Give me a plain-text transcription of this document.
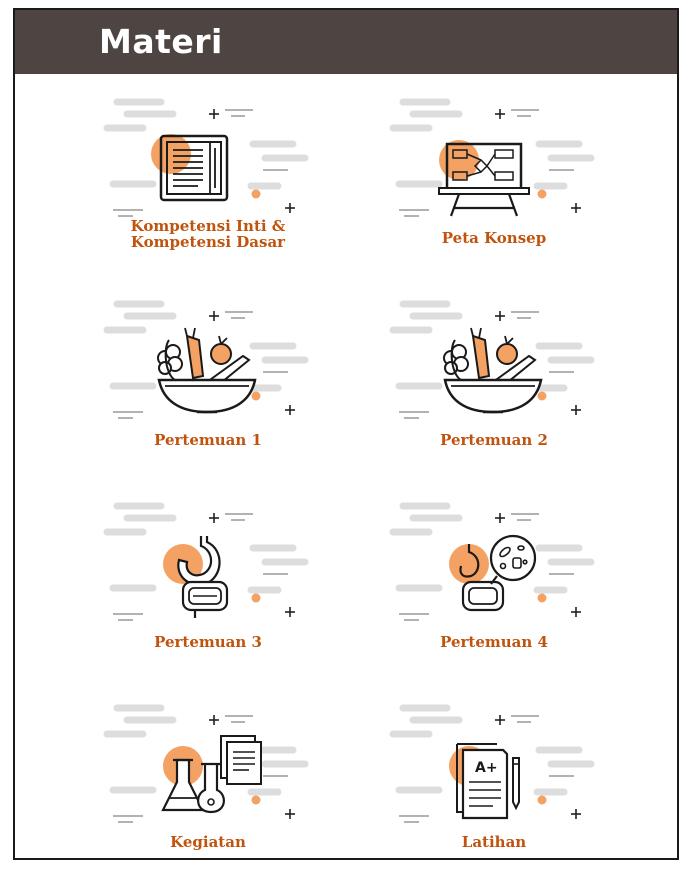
Materi
Kompetensi Inti &
Kompetensi Dasar	Peta Konsep
Pertemuan 1	Pertemuan 2
Pertemuan 3	Pertemuan 4
Kegiatan
A+
Latihan
